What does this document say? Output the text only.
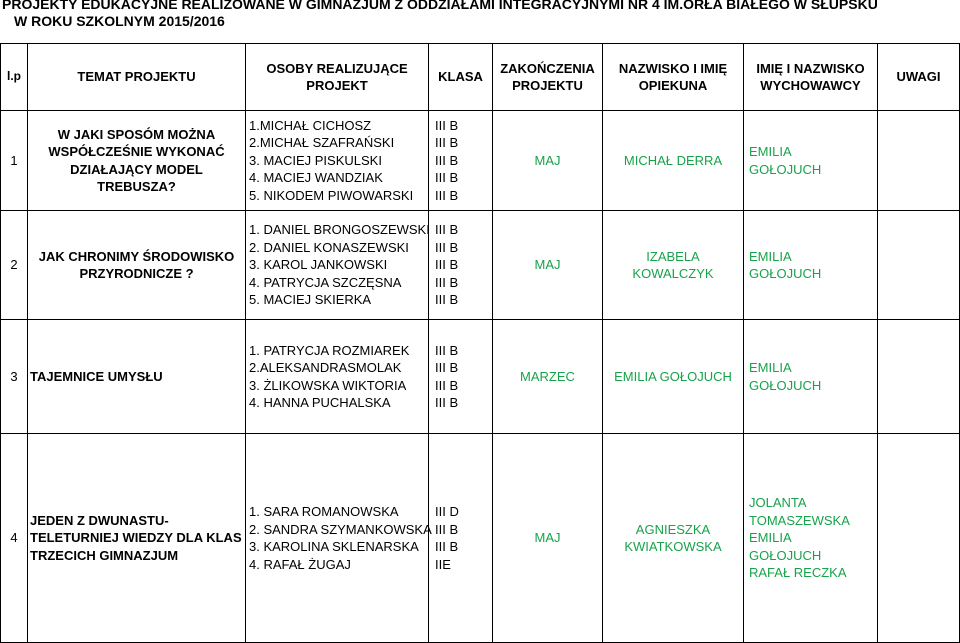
PROJEKTY EDUKACYJNE REALIZOWANE W GIMNAZJUM Z ODDZIAŁAMI INTEGRACYJNYMI NR 4 IM.ORŁA BIAŁEGO W SŁUPSKU
W ROKU SZKOLNYM 2015/2016
l.p	TEMAT PROJEKTU	OSOBY REALIZUJĄCE PROJEKT	KLASA	ZAKOŃCZENIA PROJEKTU	NAZWISKO I IMIĘ OPIEKUNA	IMIĘ I NAZWISKO WYCHOWAWCY	UWAGI
1	W JAKI SPOSÓM MOŻNA WSPÓŁCZEŚNIE WYKONAĆ DZIAŁAJĄCY MODEL TREBUSZA?	1.MICHAŁ CICHOSZ
2.MICHAŁ SZAFRAŃSKI
3. MACIEJ PISKULSKI
4. MACIEJ WANDZIAK
5. NIKODEM PIWOWARSKI	III B
III B
III B
III B
III B	MAJ	MICHAŁ DERRA	EMILIA
GOŁOJUCH	

2	JAK CHRONIMY ŚRODOWISKO PRZYRODNICZE ?	1. DANIEL BRONGOSZEWSKI
2. DANIEL KONASZEWSKI
3. KAROL JANKOWSKI
4. PATRYCJA SZCZĘSNA
5. MACIEJ SKIERKA	III B
III B
III B
III B
III B	MAJ	IZABELA KOWALCZYK	EMILIA
GOŁOJUCH	

3	TAJEMNICE UMYSŁU	1. PATRYCJA ROZMIAREK
2.ALEKSANDRASMOLAK
3. ŻLIKOWSKA WIKTORIA
4. HANNA PUCHALSKA	III B
III B
III B
III B	MARZEC	EMILIA GOŁOJUCH	EMILIA
GOŁOJUCH	

4	JEDEN Z DWUNASTU- TELETURNIEJ WIEDZY DLA KLAS TRZECICH GIMNAZJUM	1. SARA ROMANOWSKA
2. SANDRA SZYMANKOWSKA
3. KAROLINA SKLENARSKA
4. RAFAŁ ŻUGAJ	III D
III B
III B
IIE	MAJ	AGNIESZKA KWIATKOWSKA	JOLANTA
TOMASZEWSKA
EMILIA
GOŁOJUCH
RAFAŁ RECZKA	
